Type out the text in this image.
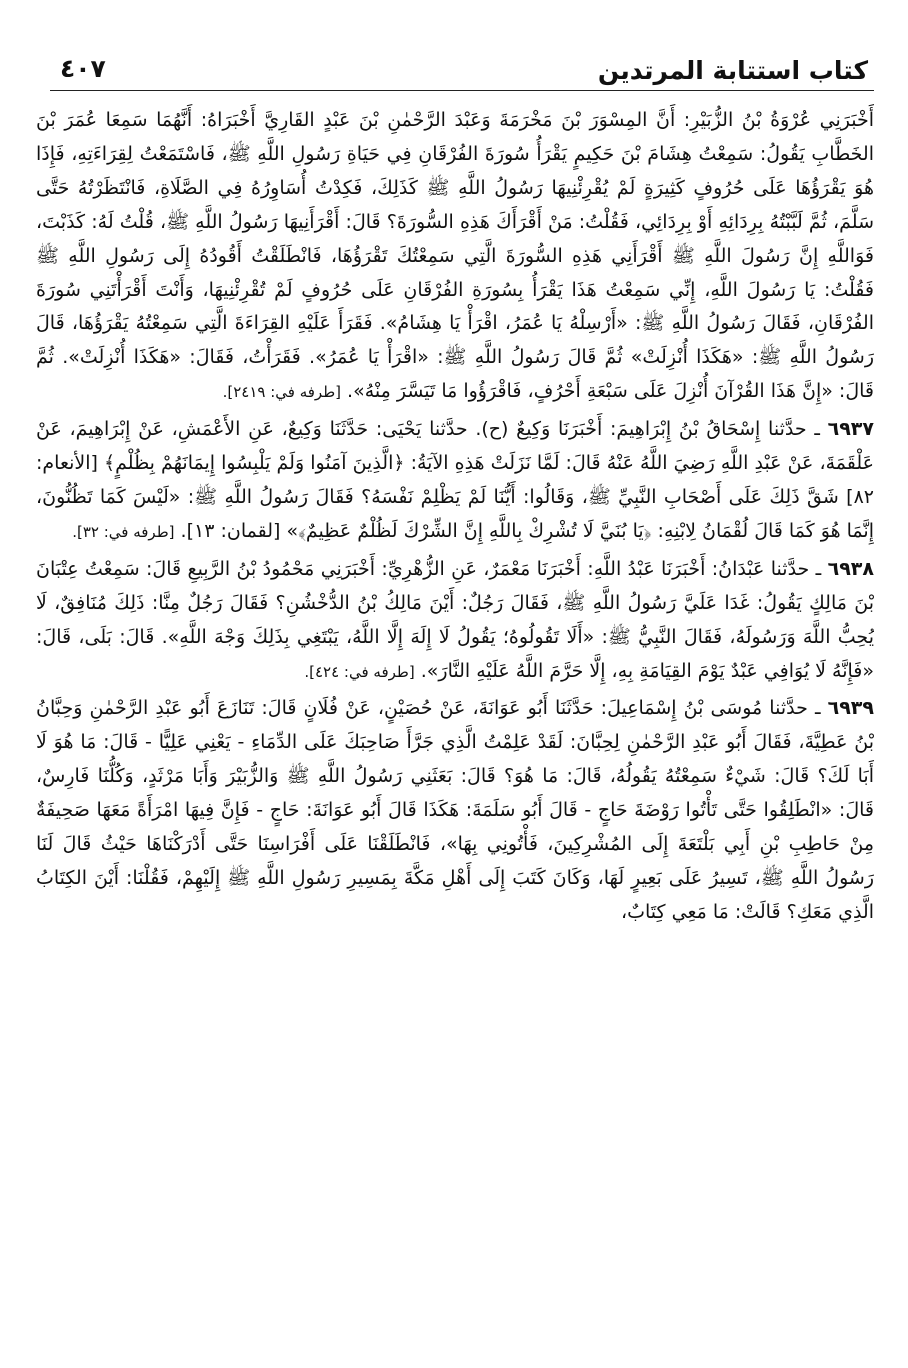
كتاب استتابة المرتدين
٤٠٧

أَخْبَرَنِي عُرْوَةُ بْنُ الزُّبَيْرِ: أَنَّ المِسْوَرَ بْنَ مَخْرَمَةَ وَعَبْدَ الرَّحْمٰنِ بْنَ عَبْدٍ القَارِيَّ أَخْبَرَاهُ: أَنَّهُمَا سَمِعَا عُمَرَ بْنَ الخَطَّابِ يَقُولُ: سَمِعْتُ هِشَامَ بْنَ حَكِيمٍ يَقْرَأُ سُورَةَ الفُرْقَانِ فِي حَيَاةِ رَسُولِ اللَّهِ ﷺ، فَاسْتَمَعْتُ لِقِرَاءَتِهِ، فَإِذَا هُوَ يَقْرَؤُهَا عَلَى حُرُوفٍ كَثِيرَةٍ لَمْ يُقْرِئْنِيهَا رَسُولُ اللَّهِ ﷺ كَذَلِكَ، فَكِدْتُ أُسَاوِرُهُ فِي الصَّلَاةِ، فَانْتَظَرْتُهُ حَتَّى سَلَّمَ، ثُمَّ لَبَّبْتُهُ بِرِدَائِهِ أَوْ بِرِدَائِي، فَقُلْتُ: مَنْ أَقْرَأَكَ هَذِهِ السُّورَةَ؟ قَالَ: أَقْرَأَنِيهَا رَسُولُ اللَّهِ ﷺ، قُلْتُ لَهُ: كَذَبْتَ، فَوَاللَّهِ إِنَّ رَسُولَ اللَّهِ ﷺ أَقْرَأَنِي هَذِهِ السُّورَةَ الَّتِي سَمِعْتُكَ تَقْرَؤُهَا، فَانْطَلَقْتُ أَقُودُهُ إِلَى رَسُولِ اللَّهِ ﷺ فَقُلْتُ: يَا رَسُولَ اللَّهِ، إِنِّي سَمِعْتُ هَذَا يَقْرَأُ بِسُورَةِ الفُرْقَانِ عَلَى حُرُوفٍ لَمْ تُقْرِئْنِيهَا، وَأَنْتَ أَقْرَأْتَنِي سُورَةَ الفُرْقَانِ، فَقَالَ رَسُولُ اللَّهِ ﷺ: «أَرْسِلْهُ يَا عُمَرُ، اقْرَأْ يَا هِشَامُ». فَقَرَأَ عَلَيْهِ القِرَاءَةَ الَّتِي سَمِعْتُهُ يَقْرَؤُهَا، قَالَ رَسُولُ اللَّهِ ﷺ: «هَكَذَا أُنْزِلَتْ» ثُمَّ قَالَ رَسُولُ اللَّهِ ﷺ: «اقْرَأْ يَا عُمَرُ». فَقَرَأْتُ، فَقَالَ: «هَكَذَا أُنْزِلَتْ». ثُمَّ قَالَ: «إِنَّ هَذَا القُرْآنَ أُنْزِلَ عَلَى سَبْعَةِ أَحْرُفٍ، فَاقْرَؤُوا مَا تَيَسَّرَ مِنْهُ». [طرفه في: ٢٤١٩].

٦٩٣٧ ـ حدَّثنا إِسْحَاقُ بْنُ إِبْرَاهِيمَ: أَخْبَرَنَا وَكِيعٌ (ح). حدَّثنا يَحْيَى: حَدَّثَنَا وَكِيعٌ، عَنِ الأَعْمَشِ، عَنْ إِبْرَاهِيمَ، عَنْ عَلْقَمَةَ، عَنْ عَبْدِ اللَّهِ رَضِيَ اللَّهُ عَنْهُ قَالَ: لَمَّا نَزَلَتْ هَذِهِ الآيَةُ: ﴿الَّذِينَ آمَنُوا وَلَمْ يَلْبِسُوا إِيمَانَهُمْ بِظُلْمٍ﴾ [الأنعام: ٨٢] شَقَّ ذَلِكَ عَلَى أَصْحَابِ النَّبِيِّ ﷺ، وَقَالُوا: أَيُّنَا لَمْ يَظْلِمْ نَفْسَهُ؟ فَقَالَ رَسُولُ اللَّهِ ﷺ: «لَيْسَ كَمَا تَظُنُّونَ، إِنَّمَا هُوَ كَمَا قَالَ لُقْمَانُ لِابْنِهِ: ﴿يَا بُنَيَّ لَا تُشْرِكْ بِاللَّهِ إِنَّ الشِّرْكَ لَظُلْمٌ عَظِيمٌ﴾» [لقمان: ١٣]. [طرفه في: ٣٢].

٦٩٣٨ ـ حدَّثنا عَبْدَانُ: أَخْبَرَنَا عَبْدُ اللَّهِ: أَخْبَرَنَا مَعْمَرٌ، عَنِ الزُّهْرِيِّ: أَخْبَرَنِي مَحْمُودُ بْنُ الرَّبِيعِ قَالَ: سَمِعْتُ عِتْبَانَ بْنَ مَالِكٍ يَقُولُ: غَدَا عَلَيَّ رَسُولُ اللَّهِ ﷺ، فَقَالَ رَجُلٌ: أَيْنَ مَالِكُ بْنُ الدُّخْشُنِ؟ فَقَالَ رَجُلٌ مِنَّا: ذَلِكَ مُنَافِقٌ، لَا يُحِبُّ اللَّهَ وَرَسُولَهُ، فَقَالَ النَّبِيُّ ﷺ: «أَلَا تَقُولُوهُ؛ يَقُولُ لَا إِلَهَ إِلَّا اللَّهُ، يَبْتَغِي بِذَلِكَ وَجْهَ اللَّهِ». قَالَ: بَلَى، قَالَ: «فَإِنَّهُ لَا يُوَافِي عَبْدٌ يَوْمَ القِيَامَةِ بِهِ، إِلَّا حَرَّمَ اللَّهُ عَلَيْهِ النَّارَ». [طرفه في: ٤٢٤].

٦٩٣٩ ـ حدَّثنا مُوسَى بْنُ إِسْمَاعِيلَ: حَدَّثَنَا أَبُو عَوَانَةَ، عَنْ حُصَيْنٍ، عَنْ فُلَانٍ قَالَ: تَنَازَعَ أَبُو عَبْدِ الرَّحْمٰنِ وَحِبَّانُ بْنُ عَطِيَّةَ، فَقَالَ أَبُو عَبْدِ الرَّحْمٰنِ لِحِبَّانَ: لَقَدْ عَلِمْتُ الَّذِي جَرَّأَ صَاحِبَكَ عَلَى الدِّمَاءِ - يَعْنِي عَلِيًّا - قَالَ: مَا هُوَ لَا أَبَا لَكَ؟ قَالَ: شَيْءٌ سَمِعْتُهُ يَقُولُهُ، قَالَ: مَا هُوَ؟ قَالَ: بَعَثَنِي رَسُولُ اللَّهِ ﷺ وَالزُّبَيْرَ وَأَبَا مَرْثَدٍ، وَكُلُّنَا فَارِسٌ، قَالَ: «انْطَلِقُوا حَتَّى تَأْتُوا رَوْضَةَ حَاجٍ - قَالَ أَبُو سَلَمَةَ: هَكَذَا قَالَ أَبُو عَوَانَةَ: حَاجٍ - فَإِنَّ فِيهَا امْرَأَةً مَعَهَا صَحِيفَةٌ مِنْ حَاطِبِ بْنِ أَبِي بَلْتَعَةَ إِلَى المُشْرِكِينَ، فَأْتُونِي بِهَا»، فَانْطَلَقْنَا عَلَى أَفْرَاسِنَا حَتَّى أَدْرَكْنَاهَا حَيْثُ قَالَ لَنَا رَسُولُ اللَّهِ ﷺ، تَسِيرُ عَلَى بَعِيرٍ لَهَا، وَكَانَ كَتَبَ إِلَى أَهْلِ مَكَّةَ بِمَسِيرِ رَسُولِ اللَّهِ ﷺ إِلَيْهِمْ، فَقُلْنَا: أَيْنَ الكِتَابُ الَّذِي مَعَكِ؟ قَالَتْ: مَا مَعِي كِتَابٌ،
